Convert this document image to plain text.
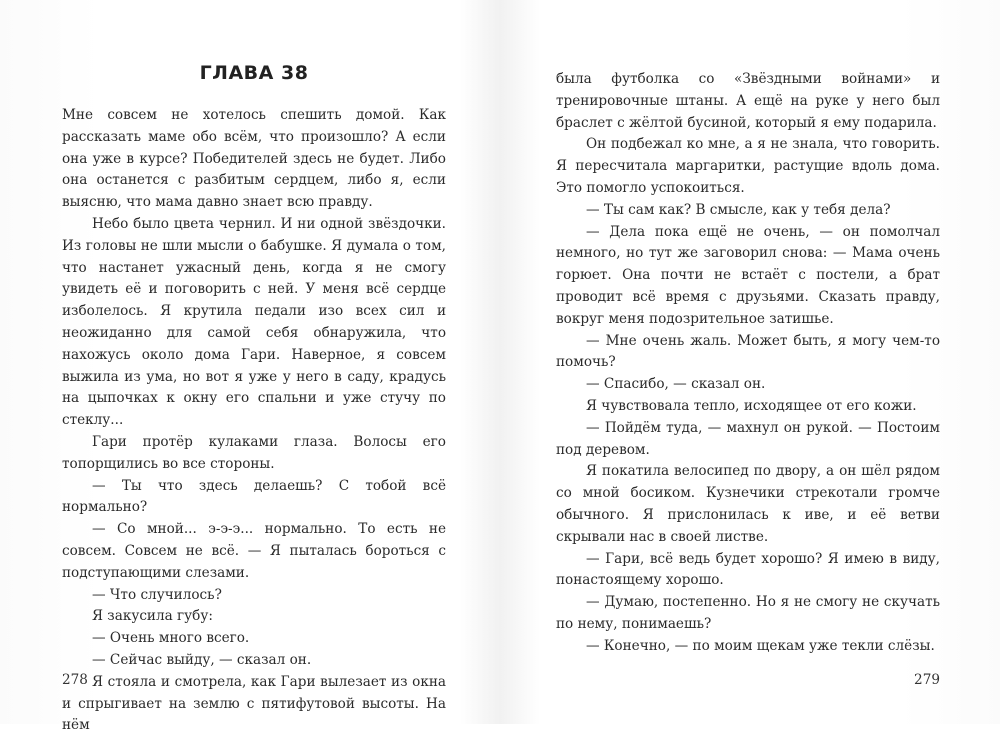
ГЛАВА 38

Мне совсем не хотелось спешить домой. Как рассказать маме обо всём, что произошло? А если она уже в курсе? Победителей здесь не будет. Либо она останется с разбитым сердцем, либо я, если выясню, что мама давно знает всю правду.

Небо было цвета чернил. И ни одной звёздочки. Из головы не шли мысли о бабушке. Я думала о том, что настанет ужасный день, когда я не смогу увидеть её и поговорить с ней. У меня всё сердце изболелось. Я крутила педали изо всех сил и неожиданно для самой себя обнаружила, что нахожусь около дома Гари. Наверное, я совсем выжила из ума, но вот я уже у него в саду, крадусь на цыпочках к окну его спальни и уже стучу по стеклу...

Гари протёр кулаками глаза. Волосы его топорщились во все стороны.

— Ты что здесь делаешь? С тобой всё нормально?

— Со мной... э-э-э... нормально. То есть не совсем. Совсем не всё. — Я пыталась бороться с подступающими слезами.

— Что случилось?

Я закусила губу:

— Очень много всего.

— Сейчас выйду, — сказал он.

Я стояла и смотрела, как Гари вылезает из окна и спрыгивает на землю с пятифутовой высоты. На нём

278

была футболка со «Звёздными войнами» и тренировочные штаны. А ещё на руке у него был браслет с жёлтой бусиной, который я ему подарила.

Он подбежал ко мне, а я не знала, что говорить. Я пересчитала маргаритки, растущие вдоль дома. Это помогло успокоиться.

— Ты сам как? В смысле, как у тебя дела?

— Дела пока ещё не очень, — он помолчал немного, но тут же заговорил снова: — Мама очень горюет. Она почти не встаёт с постели, а брат проводит всё время с друзьями. Сказать правду, вокруг меня подозрительное затишье.

— Мне очень жаль. Может быть, я могу чем-то помочь?

— Спасибо, — сказал он.

Я чувствовала тепло, исходящее от его кожи.

— Пойдём туда, — махнул он рукой. — Постоим под деревом.

Я покатила велосипед по двору, а он шёл рядом со мной босиком. Кузнечики стрекотали громче обычного. Я прислонилась к иве, и её ветви скрывали нас в своей листве.

— Гари, всё ведь будет хорошо? Я имею в виду, понастоящему хорошо.

— Думаю, постепенно. Но я не смогу не скучать по нему, понимаешь?

— Конечно, — по моим щекам уже текли слёзы.

279
